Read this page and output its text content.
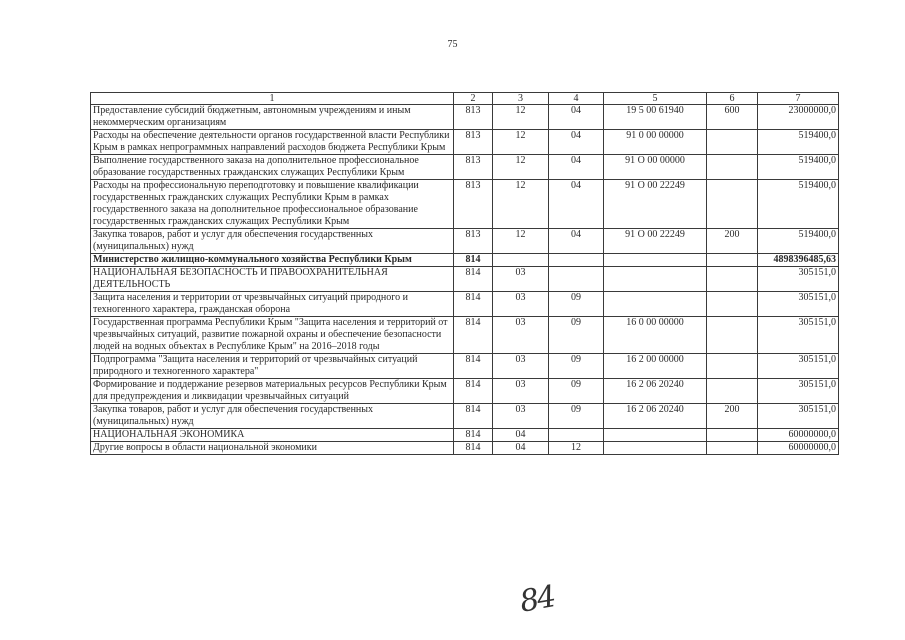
75
1	2	3	4	5	6	7
Предоставление субсидий бюджетным, автономным учреждениям и иным некоммерческим организациям	813	12	04	19 5 00 61940	600	23000000,0
Расходы на обеспечение деятельности органов государственной власти Республики Крым в рамках непрограммных направлений расходов бюджета Республики Крым	813	12	04	91 0 00 00000		519400,0
Выполнение государственного заказа на дополнительное профессиональное образование государственных гражданских служащих Республики Крым	813	12	04	91 О 00 00000		519400,0
Расходы на профессиональную переподготовку и повышение квалификации государственных гражданских служащих Республики Крым в рамках государственного заказа на дополнительное профессиональное образование государственных гражданских служащих Республики Крым	813	12	04	91 О 00 22249		519400,0
Закупка товаров, работ и услуг для обеспечения государственных (муниципальных) нужд	813	12	04	91 О 00 22249	200	519400,0
Министерство жилищно-коммунального хозяйства Республики Крым	814					4898396485,63
НАЦИОНАЛЬНАЯ БЕЗОПАСНОСТЬ И ПРАВООХРАНИТЕЛЬНАЯ ДЕЯТЕЛЬНОСТЬ	814	03				305151,0
Защита населения и территории от чрезвычайных ситуаций природного и техногенного характера, гражданская оборона	814	03	09			305151,0
Государственная программа Республики Крым "Защита населения и территорий от чрезвычайных ситуаций, развитие пожарной охраны и обеспечение безопасности людей на водных объектах в Республике Крым" на 2016–2018 годы	814	03	09	16 0 00 00000		305151,0
Подпрограмма "Защита населения и территорий от чрезвычайных ситуаций природного и техногенного характера"	814	03	09	16 2 00 00000		305151,0
Формирование и поддержание резервов материальных ресурсов Республики Крым для предупреждения и ликвидации чрезвычайных ситуаций	814	03	09	16 2 06 20240		305151,0
Закупка товаров, работ и услуг для обеспечения государственных (муниципальных) нужд	814	03	09	16 2 06 20240	200	305151,0
НАЦИОНАЛЬНАЯ ЭКОНОМИКА	814	04				60000000,0
Другие вопросы в области национальной экономики	814	04	12			60000000,0
84
